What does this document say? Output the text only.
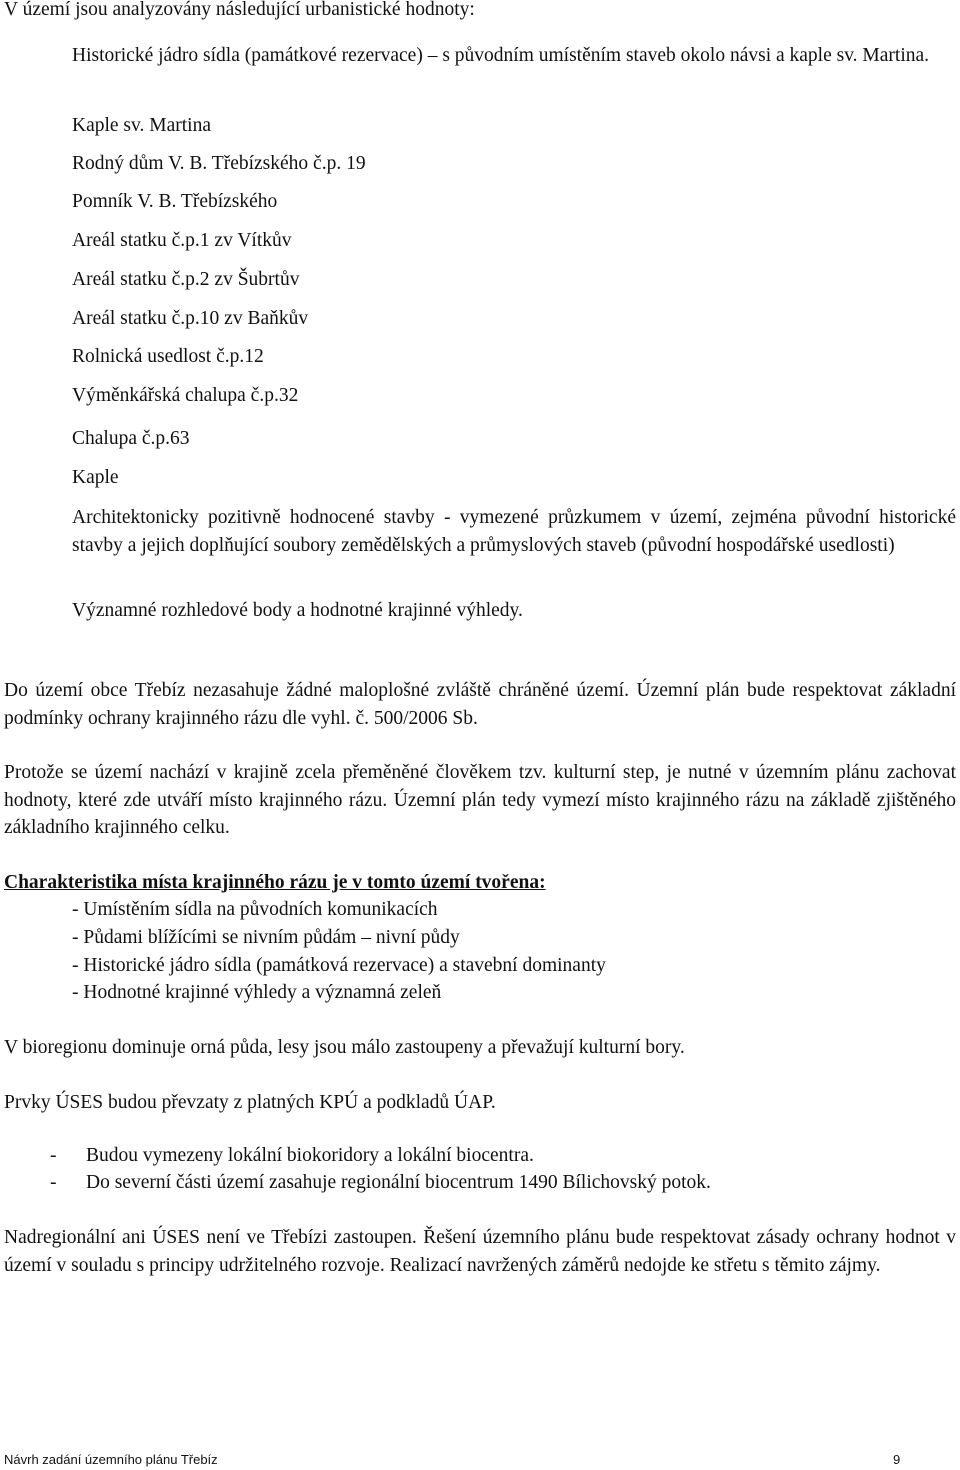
V území jsou analyzovány následující urbanistické hodnoty:
Historické jádro sídla (památkové rezervace) – s původním umístěním staveb okolo návsi a kaple sv. Martina.
Kaple sv. Martina
Rodný dům V. B. Třebízského č.p. 19
Pomník V. B. Třebízského
Areál statku č.p.1 zv Vítkův
Areál statku č.p.2 zv Šubrtův
Areál statku č.p.10 zv Baňkův
Rolnická usedlost č.p.12
Výměnkářská chalupa č.p.32
Chalupa č.p.63
Kaple
Architektonicky pozitivně hodnocené stavby - vymezené průzkumem v území, zejména původní historické stavby a jejich doplňující soubory zemědělských a průmyslových staveb (původní hospodářské usedlosti)
Významné rozhledové body a hodnotné krajinné výhledy.
Do území obce Třebíz nezasahuje žádné maloplošné zvláště chráněné území. Územní plán bude respektovat základní podmínky ochrany krajinného rázu dle vyhl. č. 500/2006 Sb.
Protože se území nachází v krajině zcela přeměněné člověkem tzv. kulturní step, je nutné v územním plánu zachovat hodnoty, které zde utváří místo krajinného rázu. Územní plán tedy vymezí místo krajinného rázu na základě zjištěného základního krajinného celku.
Charakteristika místa krajinného rázu je v tomto území tvořena:
- Umístěním sídla na původních komunikacích
- Půdami blížícími se nivním půdám – nivní půdy
- Historické jádro sídla (památková rezervace) a stavební dominanty
- Hodnotné krajinné výhledy a významná zeleň
V bioregionu dominuje orná půda, lesy jsou málo zastoupeny a převažují kulturní bory.
Prvky ÚSES budou převzaty z platných KPÚ a podkladů ÚAP.
- Budou vymezeny lokální biokoridory a lokální biocentra.
- Do severní části území zasahuje regionální biocentrum 1490 Bílichovský potok.
Nadregionální ani ÚSES není ve Třebízi zastoupen. Řešení územního plánu bude respektovat zásady ochrany hodnot v území v souladu s principy udržitelného rozvoje. Realizací navržených záměrů nedojde ke střetu s těmito zájmy.
Návrh zadání územního plánu Třebíz	9
